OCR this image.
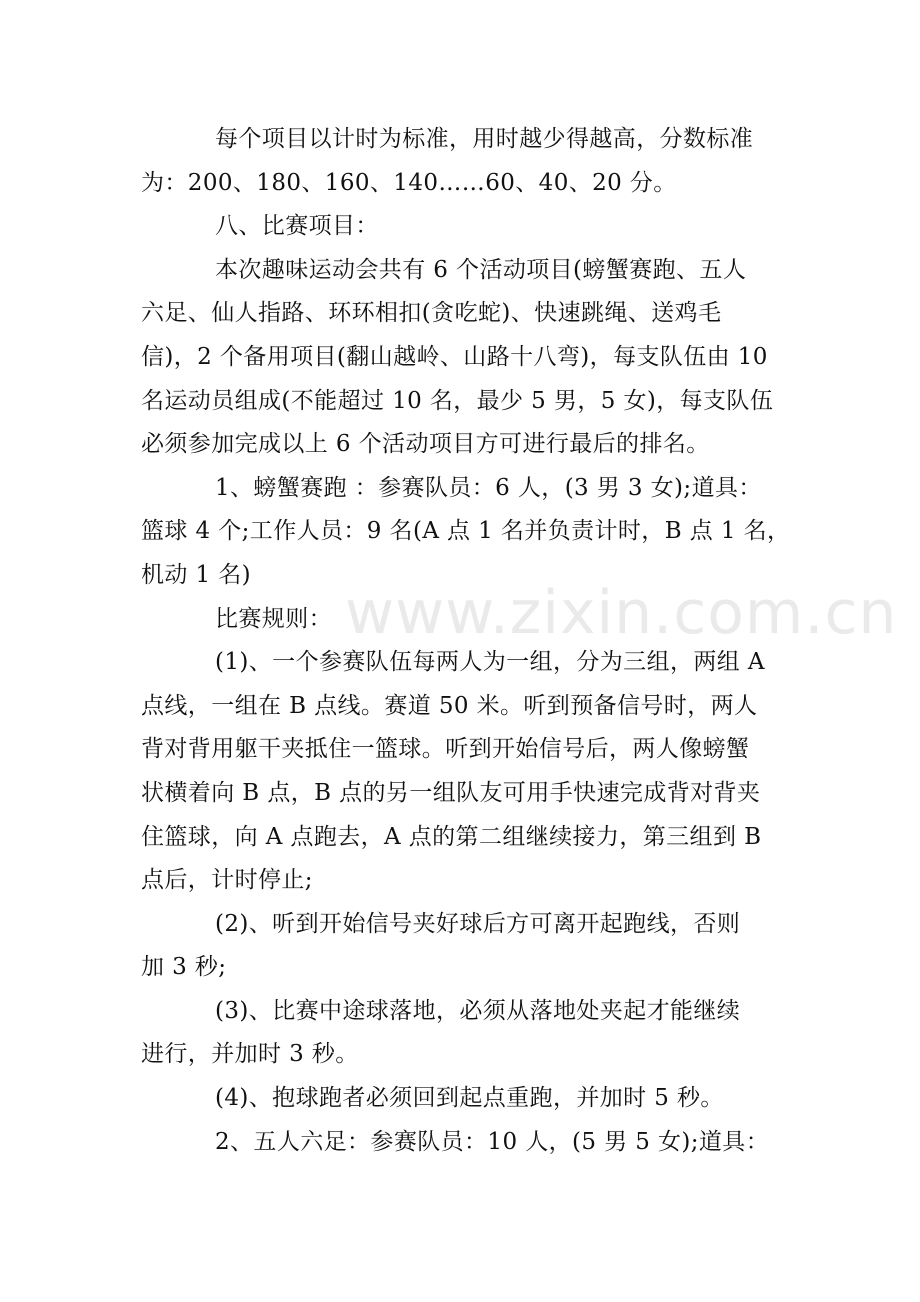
每个项目以计时为标准，用时越少得越高，分数标准
为：200、180、160、140……60、40、20 分。
八、比赛项目：
本次趣味运动会共有 6 个活动项目(螃蟹赛跑、五人
六足、仙人指路、环环相扣(贪吃蛇)、快速跳绳、送鸡毛
信)，2 个备用项目(翻山越岭、山路十八弯)，每支队伍由 10
名运动员组成(不能超过 10 名，最少 5 男，5 女)，每支队伍
必须参加完成以上 6 个活动项目方可进行最后的排名。
1、螃蟹赛跑 ：参赛队员：6 人，(3 男 3 女);道具：
篮球 4 个;工作人员：9 名(A 点 1 名并负责计时，B 点 1 名，
机动 1 名)
比赛规则：
(1)、一个参赛队伍每两人为一组，分为三组，两组 A
点线，一组在 B 点线。赛道 50 米。听到预备信号时，两人
背对背用躯干夹抵住一篮球。听到开始信号后，两人像螃蟹
状横着向 B 点，B 点的另一组队友可用手快速完成背对背夹
住篮球，向 A 点跑去，A 点的第二组继续接力，第三组到 B
点后，计时停止;
(2)、听到开始信号夹好球后方可离开起跑线，否则
加 3 秒;
(3)、比赛中途球落地，必须从落地处夹起才能继续
进行，并加时 3 秒。
(4)、抱球跑者必须回到起点重跑，并加时 5 秒。
2、五人六足：参赛队员：10 人，(5 男 5 女);道具：
www.zixin.com.cn
